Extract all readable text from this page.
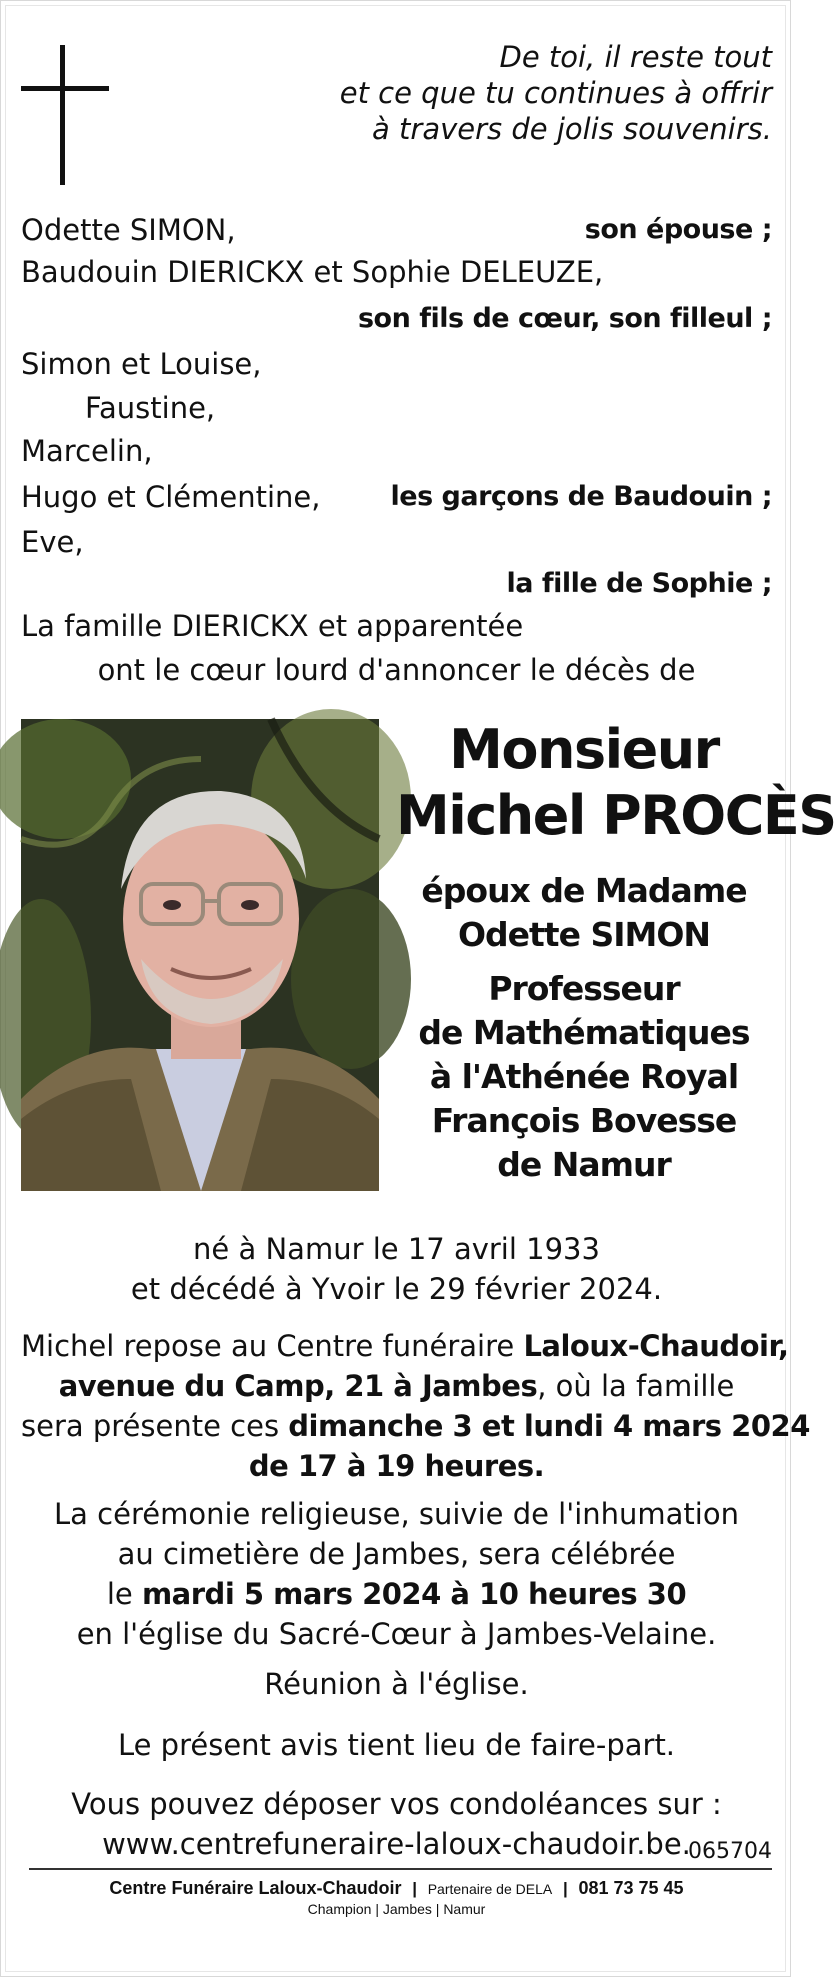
De toi, il reste tout
et ce que tu continues à offrir
à travers de jolis souvenirs.
Odette SIMON,	son épouse ;
Baudouin DIERICKX et Sophie DELEUZE,
son fils de cœur, son filleul ;
Simon et Louise,
Faustine,
Marcelin,
Hugo et Clémentine,	les garçons de Baudouin ;
Eve,
la fille de Sophie ;
La famille DIERICKX et apparentée
ont le cœur lourd d'annoncer le décès de
Monsieur
Michel PROCÈS
époux de Madame
Odette SIMON
Professeur
de Mathématiques
à l'Athénée Royal
François Bovesse
de Namur
né à Namur le 17 avril 1933
et décédé à Yvoir le 29 février 2024.
Michel repose au Centre funéraire Laloux-Chaudoir,
avenue du Camp, 21 à Jambes, où la famille
sera présente ces dimanche 3 et lundi 4 mars 2024
de 17 à 19 heures.
La cérémonie religieuse, suivie de l'inhumation
au cimetière de Jambes, sera célébrée
le mardi 5 mars 2024 à 10 heures 30
en l'église du Sacré-Cœur à Jambes-Velaine.
Réunion à l'église.
Le présent avis tient lieu de faire-part.
Vous pouvez déposer vos condoléances sur :
www.centrefuneraire-laloux-chaudoir.be.
065704
Centre Funéraire Laloux-Chaudoir | Partenaire de DELA | 081 73 75 45
Champion | Jambes | Namur
